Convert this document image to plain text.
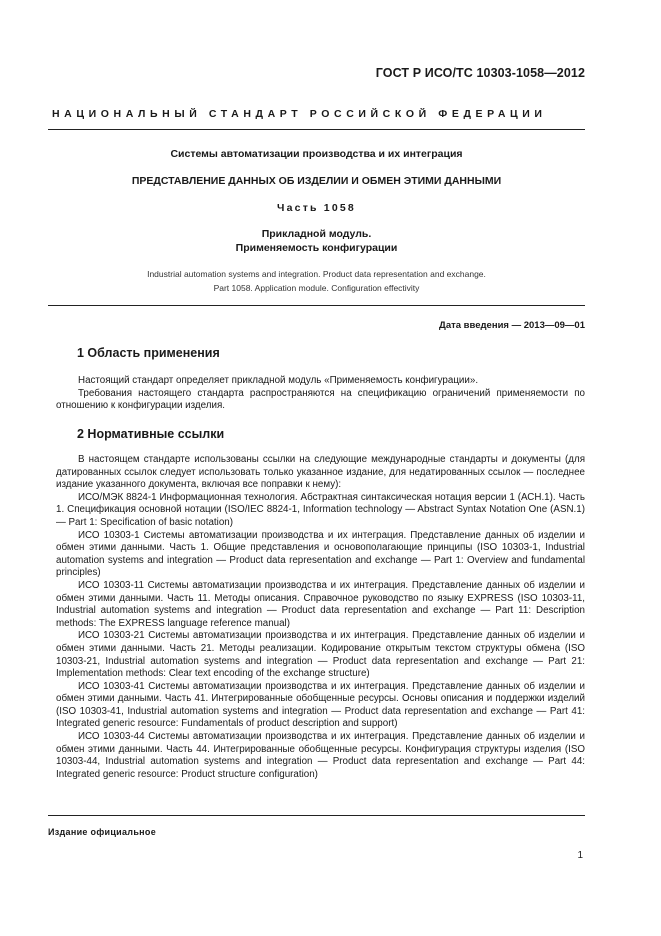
ГОСТ Р ИСО/ТС 10303-1058—2012
НАЦИОНАЛЬНЫЙ СТАНДАРТ РОССИЙСКОЙ ФЕДЕРАЦИИ
Системы автоматизации производства и их интеграция
ПРЕДСТАВЛЕНИЕ ДАННЫХ ОБ ИЗДЕЛИИ И ОБМЕН ЭТИМИ ДАННЫМИ
Часть 1058
Прикладной модуль.
Применяемость конфигурации
Industrial automation systems and integration. Product data representation and exchange.
Part 1058. Application module. Configuration effectivity
Дата введения — 2013—09—01
1 Область применения

Настоящий стандарт определяет прикладной модуль «Применяемость конфигурации».

Требования настоящего стандарта распространяются на спецификацию ограничений применяемости по отношению к конфигурации изделия.

2 Нормативные ссылки

В настоящем стандарте использованы ссылки на следующие международные стандарты и документы (для датированных ссылок следует использовать только указанное издание, для недатированных ссылок — последнее издание указанного документа, включая все поправки к нему):

ИСО/МЭК 8824-1 Информационная технология. Абстрактная синтаксическая нотация версии 1 (АСН.1). Часть 1. Спецификация основной нотации (ISO/IEC 8824-1, Information technology — Abstract Syntax Notation One (ASN.1) — Part 1: Specification of basic notation)

ИСО 10303-1 Системы автоматизации производства и их интеграция. Представление данных об изделии и обмен этими данными. Часть 1. Общие представления и основополагающие принципы (ISO 10303-1, Industrial automation systems and integration — Product data representation and exchange — Part 1: Overview and fundamental principles)

ИСО 10303-11 Системы автоматизации производства и их интеграция. Представление данных об изделии и обмен этими данными. Часть 11. Методы описания. Справочное руководство по языку EXPRESS (ISO 10303-11, Industrial automation systems and integration — Product data representation and exchange — Part 11: Description methods: The EXPRESS language reference manual)

ИСО 10303-21 Системы автоматизации производства и их интеграция. Представление данных об изделии и обмен этими данными. Часть 21. Методы реализации. Кодирование открытым текстом структуры обмена (ISO 10303-21, Industrial automation systems and integration — Product data representation and exchange — Part 21: Implementation methods: Clear text encoding of the exchange structure)

ИСО 10303-41 Системы автоматизации производства и их интеграция. Представление данных об изделии и обмен этими данными. Часть 41. Интегрированные обобщенные ресурсы. Основы описания и поддержки изделий (ISO 10303-41, Industrial automation systems and integration — Product data representation and exchange — Part 41: Integrated generic resource: Fundamentals of product description and support)

ИСО 10303-44 Системы автоматизации производства и их интеграция. Представление данных об изделии и обмен этими данными. Часть 44. Интегрированные обобщенные ресурсы. Конфигурация структуры изделия (ISO 10303-44, Industrial automation systems and integration — Product data representation and exchange — Part 44: Integrated generic resource: Product structure configuration)

Издание официальное
1
